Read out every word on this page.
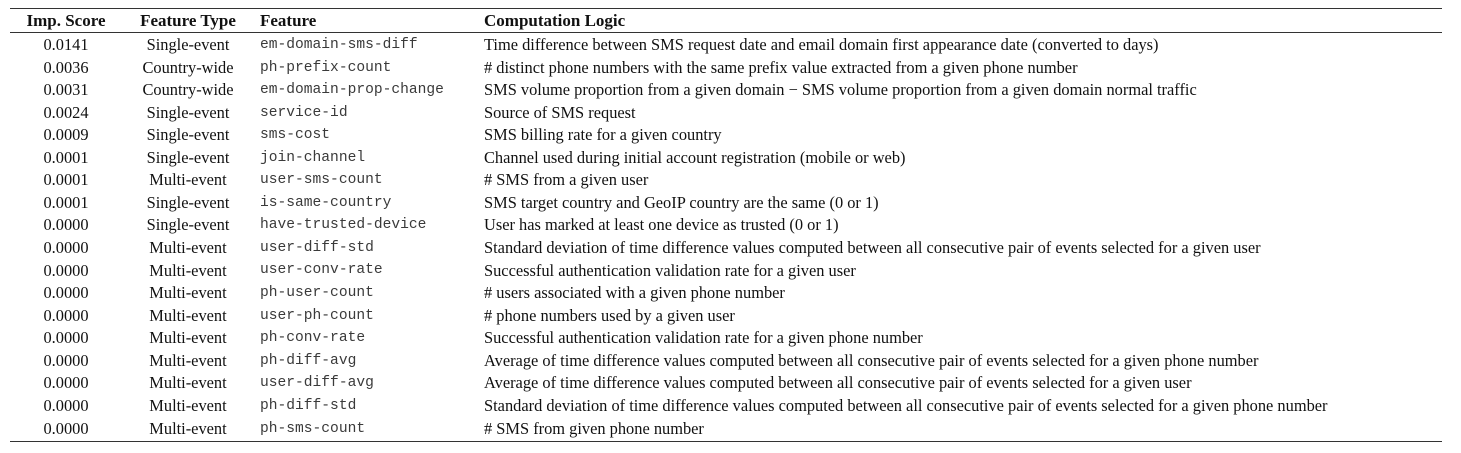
Imp. Score	Feature Type	Feature	Computation Logic
0.0141	Single-event	em-domain-sms-diff	Time difference between SMS request date and email domain first appearance date (converted to days)
0.0036	Country-wide	ph-prefix-count	# distinct phone numbers with the same prefix value extracted from a given phone number
0.0031	Country-wide	em-domain-prop-change	SMS volume proportion from a given domain − SMS volume proportion from a given domain normal traffic
0.0024	Single-event	service-id	Source of SMS request
0.0009	Single-event	sms-cost	SMS billing rate for a given country
0.0001	Single-event	join-channel	Channel used during initial account registration (mobile or web)
0.0001	Multi-event	user-sms-count	# SMS from a given user
0.0001	Single-event	is-same-country	SMS target country and GeoIP country are the same (0 or 1)
0.0000	Single-event	have-trusted-device	User has marked at least one device as trusted (0 or 1)
0.0000	Multi-event	user-diff-std	Standard deviation of time difference values computed between all consecutive pair of events selected for a given user
0.0000	Multi-event	user-conv-rate	Successful authentication validation rate for a given user
0.0000	Multi-event	ph-user-count	# users associated with a given phone number
0.0000	Multi-event	user-ph-count	# phone numbers used by a given user
0.0000	Multi-event	ph-conv-rate	Successful authentication validation rate for a given phone number
0.0000	Multi-event	ph-diff-avg	Average of time difference values computed between all consecutive pair of events selected for a given phone number
0.0000	Multi-event	user-diff-avg	Average of time difference values computed between all consecutive pair of events selected for a given user
0.0000	Multi-event	ph-diff-std	Standard deviation of time difference values computed between all consecutive pair of events selected for a given phone number
0.0000	Multi-event	ph-sms-count	# SMS from given phone number
